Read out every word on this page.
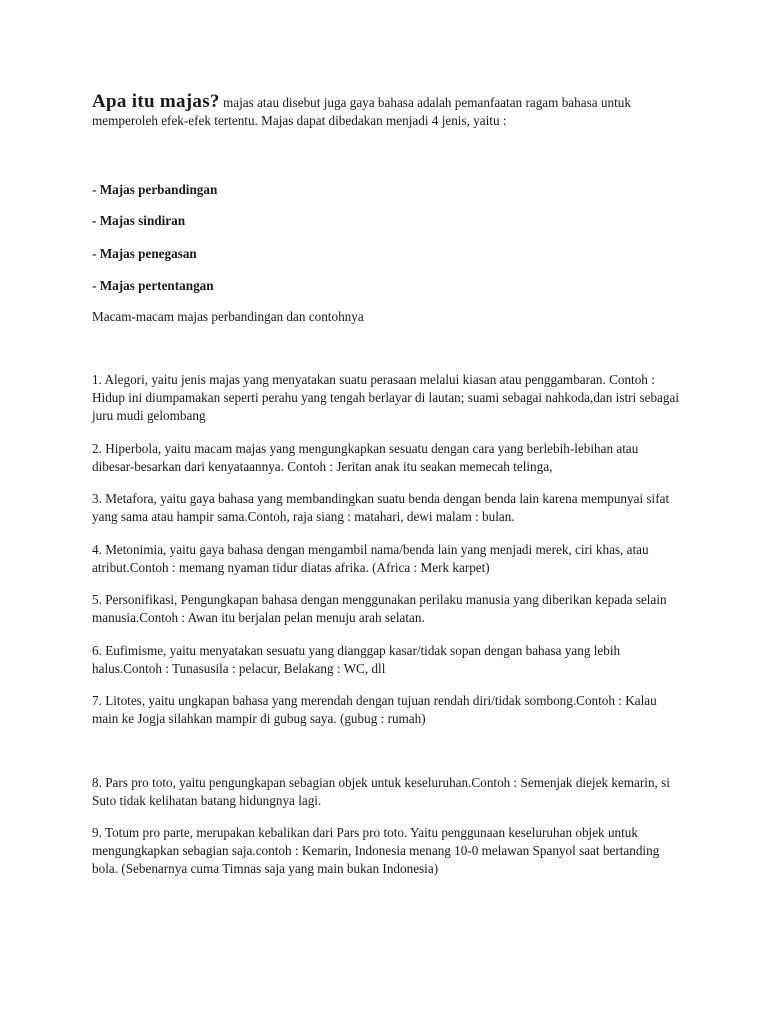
Apa itu majas? majas atau disebut juga gaya bahasa adalah pemanfaatan ragam bahasa untuk memperoleh efek-efek tertentu. Majas dapat dibedakan menjadi 4 jenis, yaitu :

- Majas perbandingan

- Majas sindiran

- Majas penegasan

- Majas pertentangan

Macam-macam majas perbandingan dan contohnya

1. Alegori, yaitu jenis majas yang menyatakan suatu perasaan melalui kiasan atau penggambaran. Contoh : Hidup ini diumpamakan seperti perahu yang tengah berlayar di lautan; suami sebagai nahkoda,dan istri sebagai juru mudi gelombang

2. Hiperbola, yaitu macam majas yang mengungkapkan sesuatu dengan cara yang berlebih-lebihan atau dibesar-besarkan dari kenyataannya. Contoh : Jeritan anak itu seakan memecah telinga,

3. Metafora, yaitu gaya bahasa yang membandingkan suatu benda dengan benda lain karena mempunyai sifat yang sama atau hampir sama.Contoh, raja siang : matahari, dewi malam : bulan.

4. Metonimia, yaitu gaya bahasa dengan mengambil nama/benda lain yang menjadi merek, ciri khas, atau atribut.Contoh : memang nyaman tidur diatas afrika. (Africa : Merk karpet)

5. Personifikasi, Pengungkapan bahasa dengan menggunakan perilaku manusia yang diberikan kepada selain manusia.Contoh : Awan itu berjalan pelan menuju arah selatan.

6. Eufimisme, yaitu menyatakan sesuatu yang dianggap kasar/tidak sopan dengan bahasa yang lebih halus.Contoh : Tunasusila : pelacur, Belakang : WC, dll

7. Litotes, yaitu ungkapan bahasa yang merendah dengan tujuan rendah diri/tidak sombong.Contoh : Kalau main ke Jogja silahkan mampir di gubug saya. (gubug : rumah)

8. Pars pro toto, yaitu pengungkapan sebagian objek untuk keseluruhan.Contoh : Semenjak diejek kemarin, si Suto tidak kelihatan batang hidungnya lagi.

9. Totum pro parte, merupakan kebalikan dari Pars pro toto. Yaitu penggunaan keseluruhan objek untuk mengungkapkan sebagian saja.contoh : Kemarin, Indonesia menang 10-0 melawan Spanyol saat bertanding bola. (Sebenarnya cuma Timnas saja yang main bukan Indonesia)
